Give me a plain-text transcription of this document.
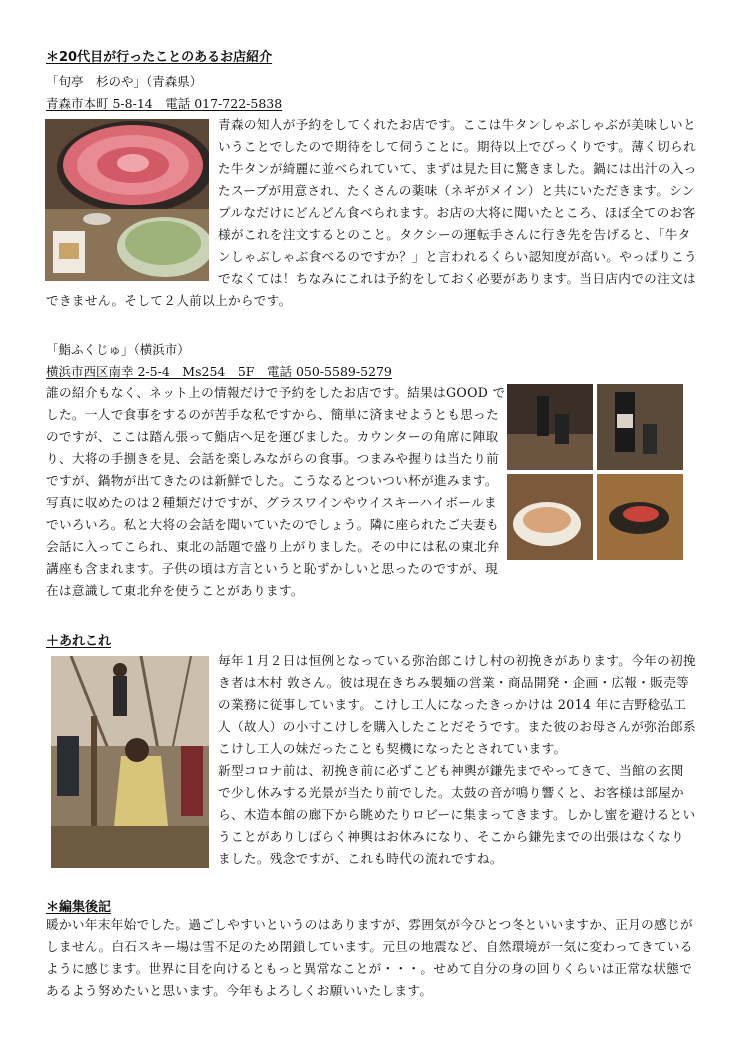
＊20代目が行ったことのあるお店紹介
「旬亭　杉のや」（青森県）
青森市本町 5-8-14　電話 017-722-5838

青森の知人が予約をしてくれたお店です。ここは牛タンしゃぶしゃぶが美味しいということでしたので期待をして伺うことに。期待以上でびっくりです。薄く切られた牛タンが綺麗に並べられていて、まずは見た目に驚きました。鍋には出汁の入ったスープが用意され、たくさんの薬味（ネギがメイン）と共にいただきます。シンプルなだけにどんどん食べられます。お店の大将に聞いたところ、ほぼ全てのお客様がこれを注文するとのこと。タクシーの運転手さんに行き先を告げると、「牛タンしゃぶしゃぶ食べるのですか？」と言われるくらい認知度が高い。やっぱりこうでなくては！ちなみにこれは予約をしておく必要があります。当日店内での注文はできません。そして２人前以上からです。

「鮨ふくじゅ」（横浜市）
横浜市西区南幸 2-5-4　Ms254　5F　電話 050-5589-5279

誰の紹介もなく、ネット上の情報だけで予約をしたお店です。結果はGOOD でした。一人で食事をするのが苦手な私ですから、簡単に済ませようとも思ったのですが、ここは踏ん張って鮨店へ足を運びました。カウンターの角席に陣取り、大将の手捌きを見、会話を楽しみながらの食事。つまみや握りは当たり前ですが、鍋物が出てきたのは新鮮でした。こうなるとついつい杯が進みます。写真に収めたのは２種類だけですが、グラスワインやウイスキーハイボールまでいろいろ。私と大将の会話を聞いていたのでしょう。隣に座られたご夫妻も会話に入ってこられ、東北の話題で盛り上がりました。その中には私の東北弁講座も含まれます。子供の頃は方言というと恥ずかしいと思ったのですが、現在は意識して東北弁を使うことがあります。

＋あれこれ

毎年１月２日は恒例となっている弥治郎こけし村の初挽きがあります。今年の初挽き者は木村 敦さん。彼は現在きちみ製麺の営業・商品開発・企画・広報・販売等の業務に従事しています。こけし工人になったきっかけは 2014 年に吉野稔弘工人（故人）の小寸こけしを購入したことだそうです。また彼のお母さんが弥治郎系こけし工人の妹だったことも契機になったとされています。

新型コロナ前は、初挽き前に必ずこども神輿が鎌先までやってきて、当館の玄関で少し休みする光景が当たり前でした。太鼓の音が鳴り響くと、お客様は部屋から、木造本館の廊下から眺めたりロビーに集まってきます。しかし蜜を避けるということがありしばらく神輿はお休みになり、そこから鎌先までの出張はなくなりました。残念ですが、これも時代の流れですね。

＊編集後記

暖かい年末年始でした。過ごしやすいというのはありますが、雰囲気が今ひとつ冬といいますか、正月の感じがしません。白石スキー場は雪不足のため閉鎖しています。元旦の地震など、自然環境が一気に変わってきているように感じます。世界に目を向けるともっと異常なことが・・・。せめて自分の身の回りくらいは正常な状態であるよう努めたいと思います。今年もよろしくお願いいたします。
